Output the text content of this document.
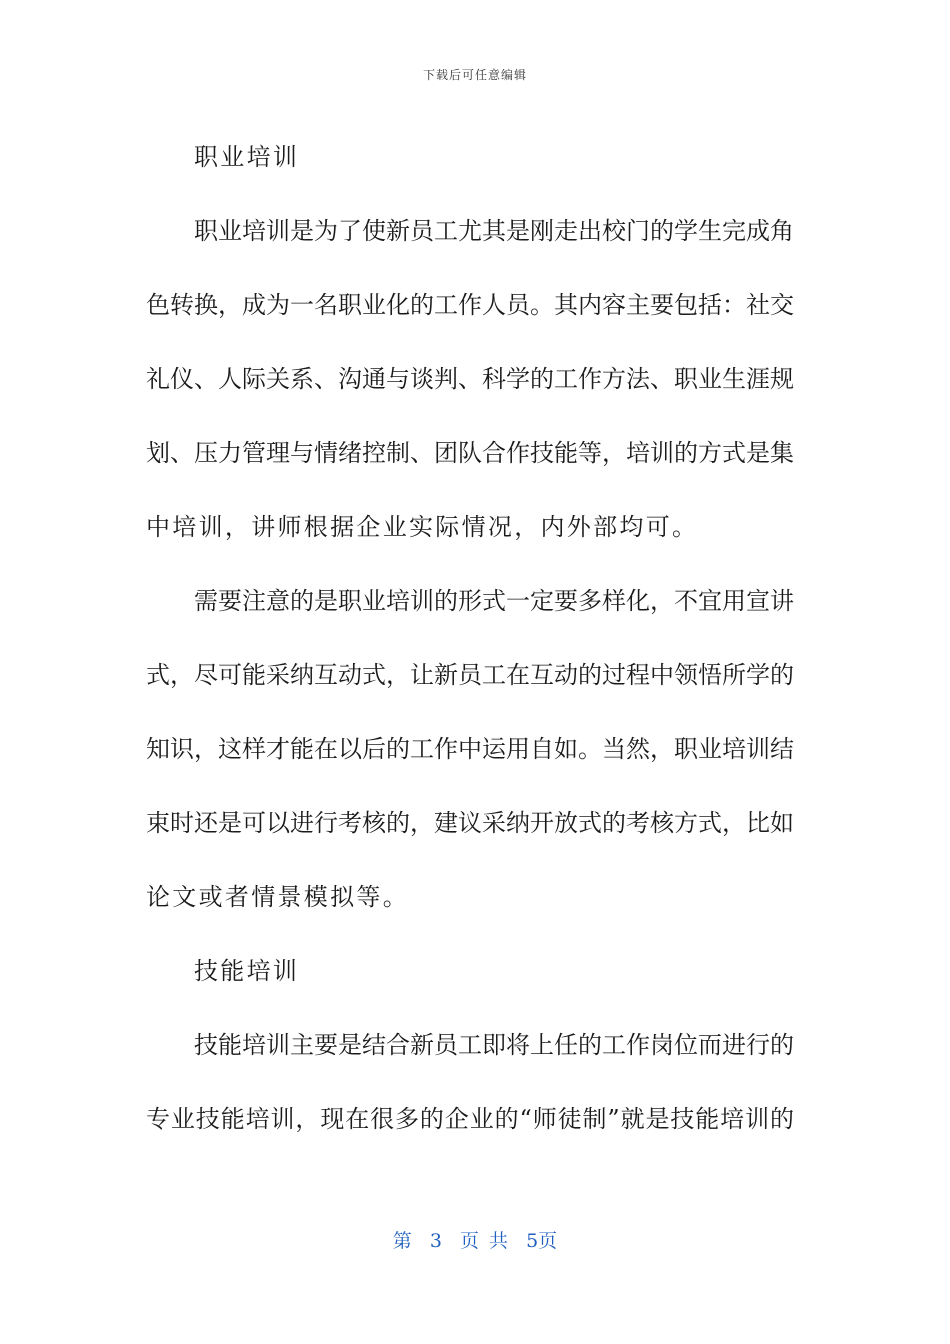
下载后可任意编辑
职业培训
职业培训是为了使新员工尤其是刚走出校门的学生完成角
色转换，成为一名职业化的工作人员。其内容主要包括：社交
礼仪、人际关系、沟通与谈判、科学的工作方法、职业生涯规
划、压力管理与情绪控制、团队合作技能等，培训的方式是集
中培训，讲师根据企业实际情况，内外部均可。
需要注意的是职业培训的形式一定要多样化，不宜用宣讲
式，尽可能采纳互动式，让新员工在互动的过程中领悟所学的
知识，这样才能在以后的工作中运用自如。当然，职业培训结
束时还是可以进行考核的，建议采纳开放式的考核方式，比如
论文或者情景模拟等。
技能培训
技能培训主要是结合新员工即将上任的工作岗位而进行的
专业技能培训，现在很多的企业的“师徒制”就是技能培训的
第 3 页 共 5页
